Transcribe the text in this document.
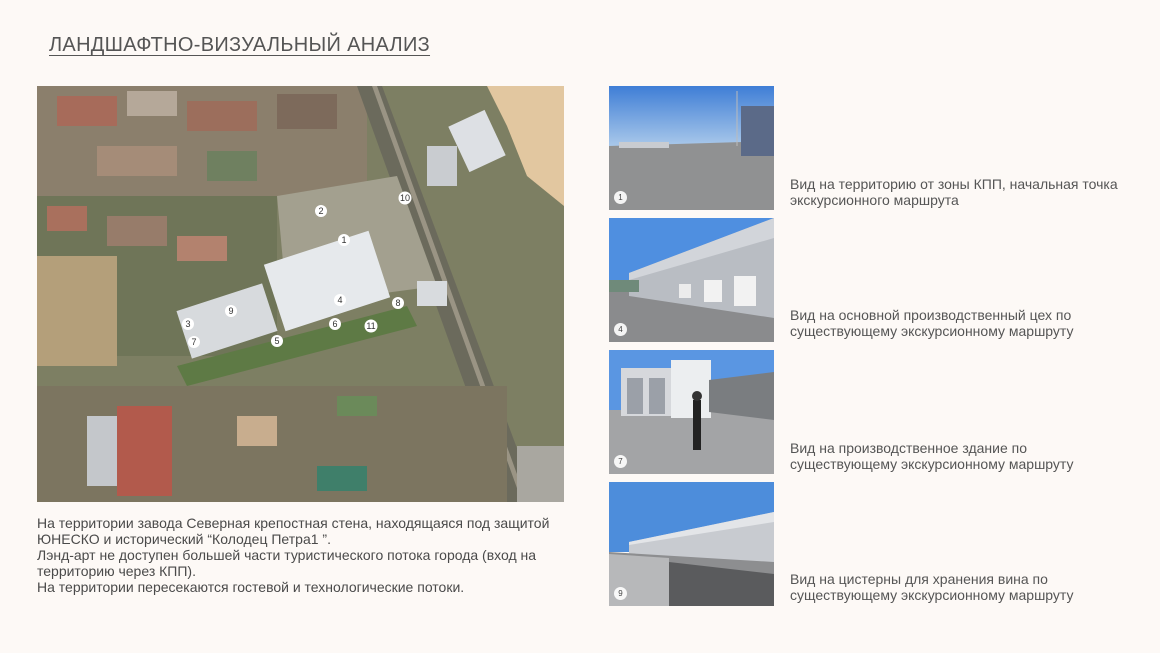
ЛАНДШАФТНО-ВИЗУАЛЬНЫЙ АНАЛИЗ
1
2
3
4
5
6
7
8
9
10
11

На территории завода Северная крепостная стена, находящаяся под защитой ЮНЕСКО и исторический “Колодец Петра1 ”.

Лэнд-арт не доступен большей части туристического потока города (вход на территорию через КПП).

На территории пересекаются гостевой и технологические потоки.

1
Вид на территорию от зоны КПП, начальная точка экскурсионного маршрута
4
Вид на основной производственный цех по существующему экскурсионному маршруту
7
Вид на производственное здание по существующему экскурсионному маршруту
9
Вид на цистерны для хранения вина по существующему экскурсионному маршруту
